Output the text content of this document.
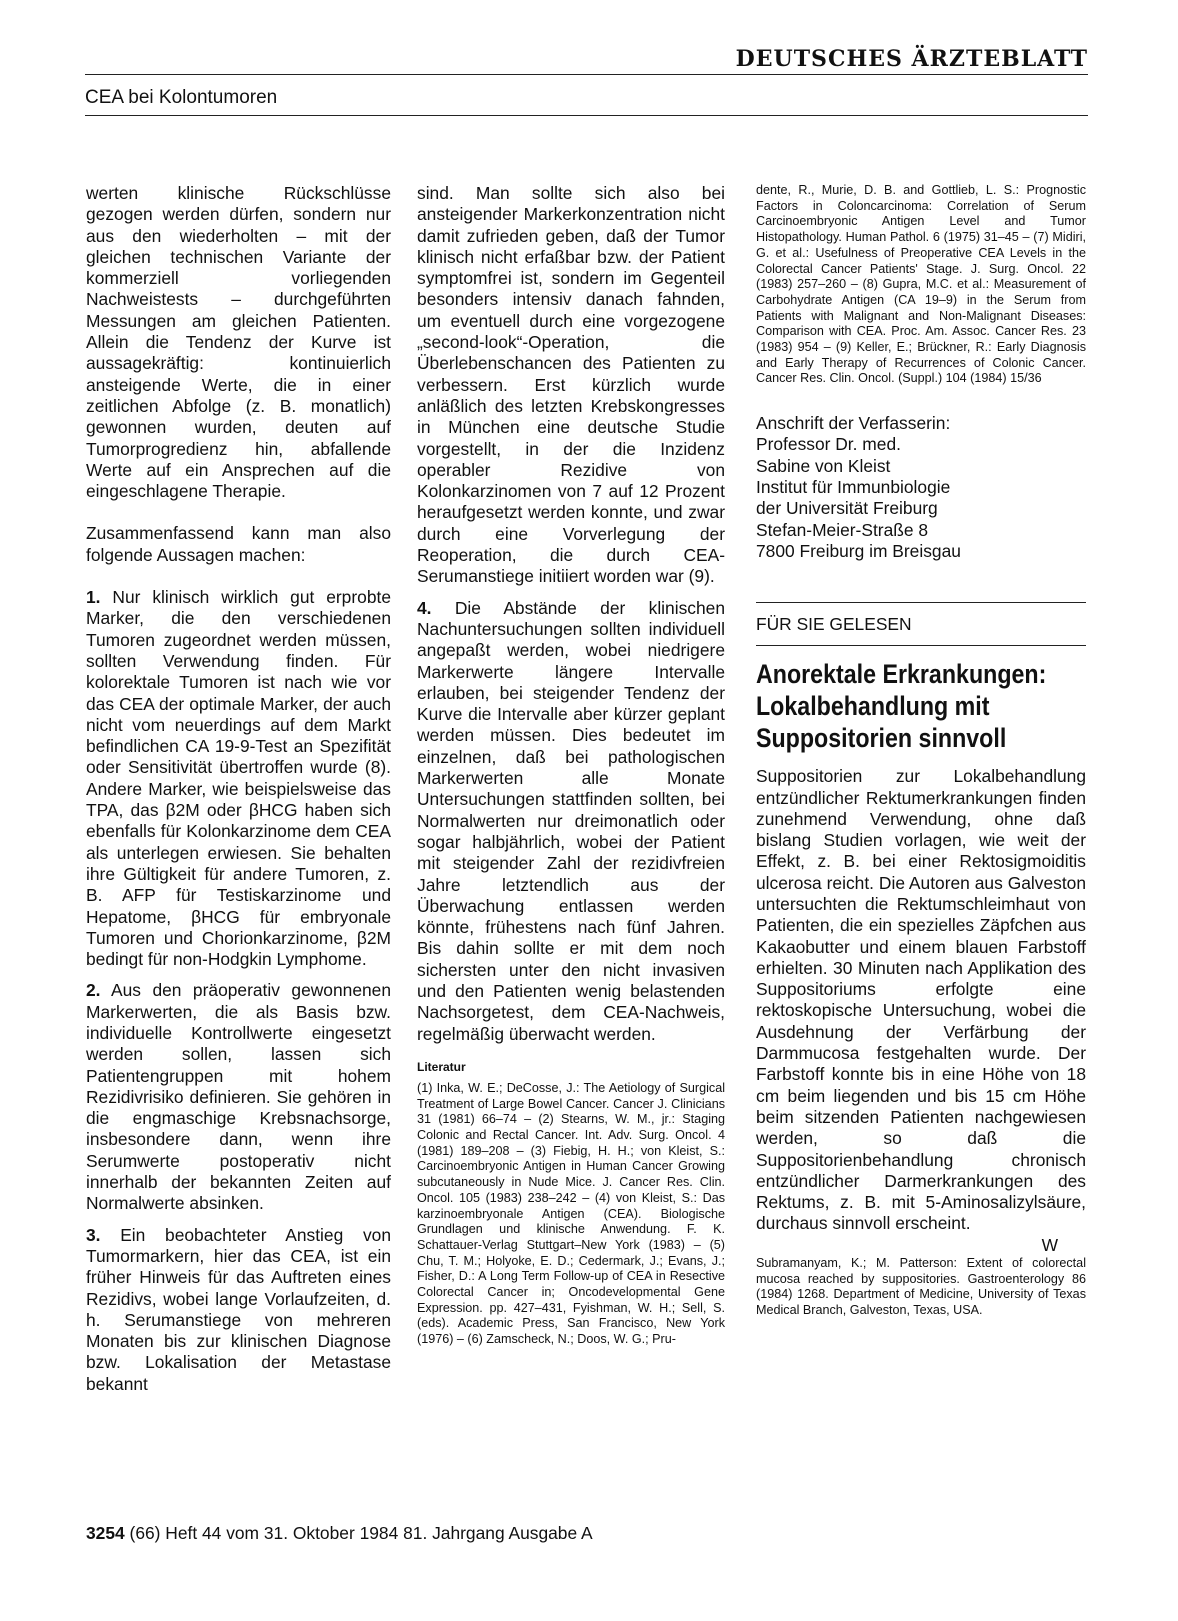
DEUTSCHES ÄRZTEBLATT
CEA bei Kolontumoren

werten klinische Rückschlüsse gezogen werden dürfen, sondern nur aus den wiederholten – mit der gleichen technischen Variante der kommerziell vorliegenden Nachweistests – durchgeführten Messungen am gleichen Patienten. Allein die Tendenz der Kurve ist aussagekräftig: kontinuierlich ansteigende Werte, die in einer zeitlichen Abfolge (z. B. monatlich) gewonnen wurden, deuten auf Tumorprogredienz hin, abfallende Werte auf ein Ansprechen auf die eingeschlagene Therapie.

Zusammenfassend kann man also folgende Aussagen machen:

1. Nur klinisch wirklich gut erprobte Marker, die den verschiedenen Tumoren zugeordnet werden müssen, sollten Verwendung finden. Für kolorektale Tumoren ist nach wie vor das CEA der optimale Marker, der auch nicht vom neuerdings auf dem Markt befindlichen CA 19-9-Test an Spezifität oder Sensitivität übertroffen wurde (8). Andere Marker, wie beispielsweise das TPA, das β2M oder βHCG haben sich ebenfalls für Kolonkarzinome dem CEA als unterlegen erwiesen. Sie behalten ihre Gültigkeit für andere Tumoren, z. B. AFP für Testiskarzinome und Hepatome, βHCG für embryonale Tumoren und Chorionkarzinome, β2M bedingt für non-Hodgkin Lymphome.

2. Aus den präoperativ gewonnenen Markerwerten, die als Basis bzw. individuelle Kontrollwerte eingesetzt werden sollen, lassen sich Patientengruppen mit hohem Rezidivrisiko definieren. Sie gehören in die engmaschige Krebsnachsorge, insbesondere dann, wenn ihre Serumwerte postoperativ nicht innerhalb der bekannten Zeiten auf Normalwerte absinken.

3. Ein beobachteter Anstieg von Tumormarkern, hier das CEA, ist ein früher Hinweis für das Auftreten eines Rezidivs, wobei lange Vorlaufzeiten, d. h. Serumanstiege von mehreren Monaten bis zur klinischen Diagnose bzw. Lokalisation der Metastase bekannt

sind. Man sollte sich also bei ansteigender Markerkonzentration nicht damit zufrieden geben, daß der Tumor klinisch nicht erfaßbar bzw. der Patient symptomfrei ist, sondern im Gegenteil besonders intensiv danach fahnden, um eventuell durch eine vorgezogene „second-look“-Operation, die Überlebenschancen des Patienten zu verbessern. Erst kürzlich wurde anläßlich des letzten Krebskongresses in München eine deutsche Studie vorgestellt, in der die Inzidenz operabler Rezidive von Kolonkarzinomen von 7 auf 12 Prozent heraufgesetzt werden konnte, und zwar durch eine Vorverlegung der Reoperation, die durch CEA-Serumanstiege initiiert worden war (9).

4. Die Abstände der klinischen Nachuntersuchungen sollten individuell angepaßt werden, wobei niedrigere Markerwerte längere Intervalle erlauben, bei steigender Tendenz der Kurve die Intervalle aber kürzer geplant werden müssen. Dies bedeutet im einzelnen, daß bei pathologischen Markerwerten alle Monate Untersuchungen stattfinden sollten, bei Normalwerten nur dreimonatlich oder sogar halbjährlich, wobei der Patient mit steigender Zahl der rezidivfreien Jahre letztendlich aus der Überwachung entlassen werden könnte, frühestens nach fünf Jahren. Bis dahin sollte er mit dem noch sichersten unter den nicht invasiven und den Patienten wenig belastenden Nachsorgetest, dem CEA-Nachweis, regelmäßig überwacht werden.

Literatur

(1) Inka, W. E.; DeCosse, J.: The Aetiology of Surgical Treatment of Large Bowel Cancer. Cancer J. Clinicians 31 (1981) 66–74 – (2) Stearns, W. M., jr.: Staging Colonic and Rectal Cancer. Int. Adv. Surg. Oncol. 4 (1981) 189–208 – (3) Fiebig, H. H.; von Kleist, S.: Carcinoembryonic Antigen in Human Cancer Growing subcutaneously in Nude Mice. J. Cancer Res. Clin. Oncol. 105 (1983) 238–242 – (4) von Kleist, S.: Das karzinoembryonale Antigen (CEA). Biologische Grundlagen und klinische Anwendung. F. K. Schattauer-Verlag Stuttgart–New York (1983) – (5) Chu, T. M.; Holyoke, E. D.; Cedermark, J.; Evans, J.; Fisher, D.: A Long Term Follow-up of CEA in Resective Colorectal Cancer in; Oncodevelopmental Gene Expression. pp. 427–431, Fyishman, W. H.; Sell, S. (eds). Academic Press, San Francisco, New York (1976) – (6) Zamscheck, N.; Doos, W. G.; Pru-

dente, R., Murie, D. B. and Gottlieb, L. S.: Prognostic Factors in Coloncarcinoma: Correlation of Serum Carcinoembryonic Antigen Level and Tumor Histopathology. Human Pathol. 6 (1975) 31–45 – (7) Midiri, G. et al.: Usefulness of Preoperative CEA Levels in the Colorectal Cancer Patients' Stage. J. Surg. Oncol. 22 (1983) 257–260 – (8) Gupra, M.C. et al.: Measurement of Carbohydrate Antigen (CA 19–9) in the Serum from Patients with Malignant and Non-Malignant Diseases: Comparison with CEA. Proc. Am. Assoc. Cancer Res. 23 (1983) 954 – (9) Keller, E.; Brückner, R.: Early Diagnosis and Early Therapy of Recurrences of Colonic Cancer. Cancer Res. Clin. Oncol. (Suppl.) 104 (1984) 15/36

Anschrift der Verfasserin:
Professor Dr. med.
Sabine von Kleist
Institut für Immunbiologie
der Universität Freiburg
Stefan-Meier-Straße 8
7800 Freiburg im Breisgau
FÜR SIE GELESEN
Anorektale Erkrankungen: Lokalbehandlung mit Suppositorien sinnvoll

Suppositorien zur Lokalbehandlung entzündlicher Rektumerkrankungen finden zunehmend Verwendung, ohne daß bislang Studien vorlagen, wie weit der Effekt, z. B. bei einer Rektosigmoiditis ulcerosa reicht. Die Autoren aus Galveston untersuchten die Rektumschleimhaut von Patienten, die ein spezielles Zäpfchen aus Kakaobutter und einem blauen Farbstoff erhielten. 30 Minuten nach Applikation des Suppositoriums erfolgte eine rektoskopische Untersuchung, wobei die Ausdehnung der Verfärbung der Darmmucosa festgehalten wurde. Der Farbstoff konnte bis in eine Höhe von 18 cm beim liegenden und bis 15 cm Höhe beim sitzenden Patienten nachgewiesen werden, so daß die Suppositorienbehandlung chronisch entzündlicher Darmerkrankungen des Rektums, z. B. mit 5-Aminosalizylsäure, durchaus sinnvoll erscheint.

W

Subramanyam, K.; M. Patterson: Extent of colorectal mucosa reached by suppositories. Gastroenterology 86 (1984) 1268. Department of Medicine, University of Texas Medical Branch, Galveston, Texas, USA.

3254 (66) Heft 44 vom 31. Oktober 1984 81. Jahrgang Ausgabe A
